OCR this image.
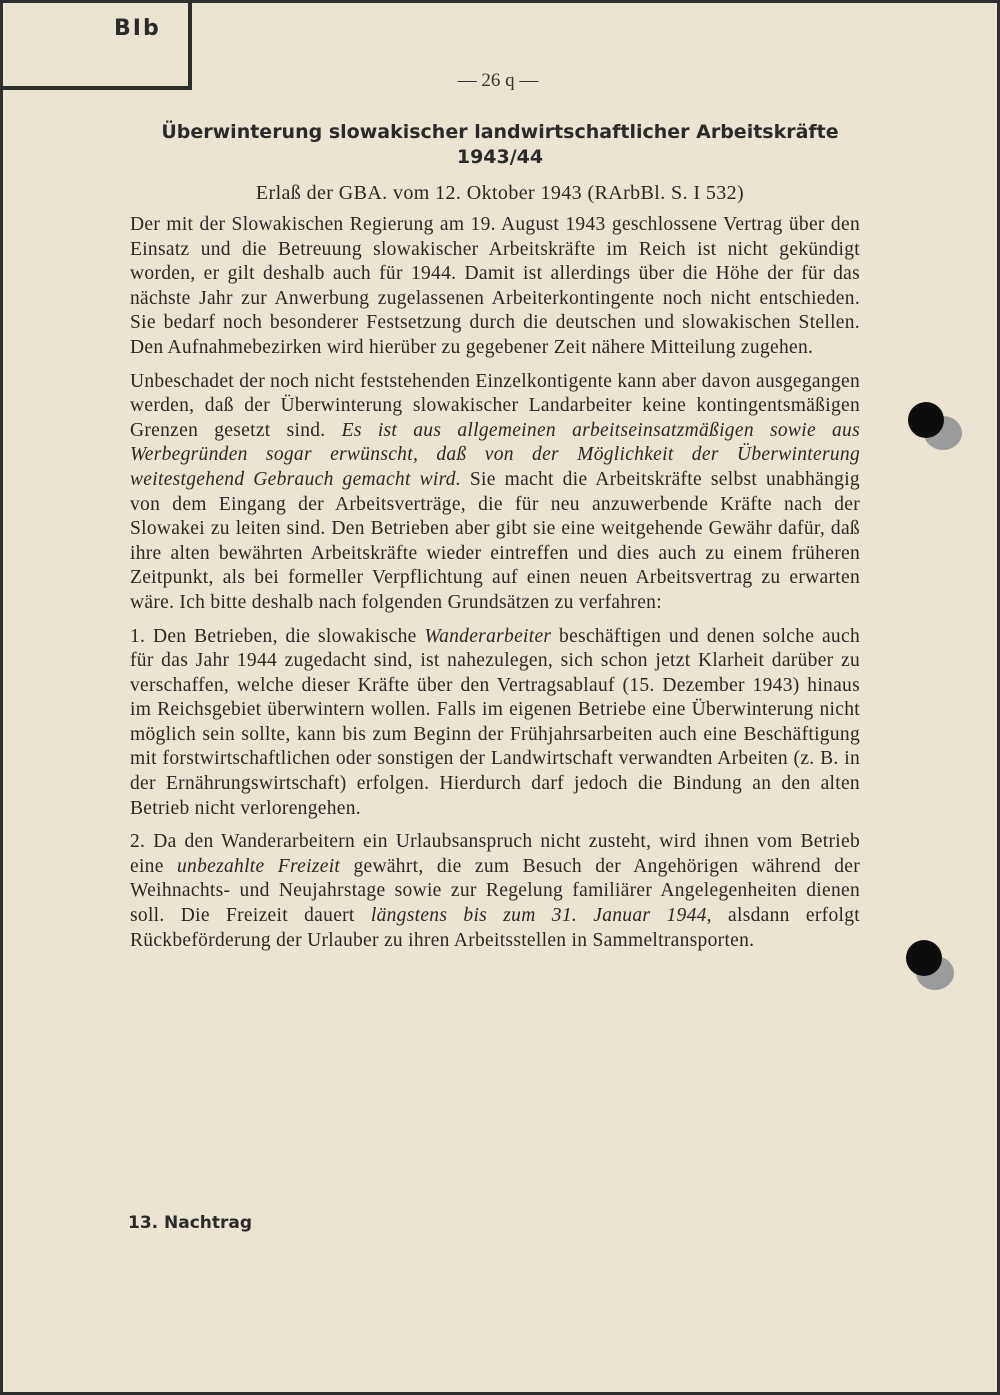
BIb
— 26 q —
Überwinterung slowakischer landwirtschaftlicher Arbeitskräfte
1943/44
Erlaß der GBA. vom 12. Oktober 1943 (RArbBl. S. I 532)

Der mit der Slowakischen Regierung am 19. August 1943 geschlossene Vertrag über den Einsatz und die Betreuung slowakischer Arbeitskräfte im Reich ist nicht gekündigt worden, er gilt deshalb auch für 1944. Damit ist allerdings über die Höhe der für das nächste Jahr zur Anwerbung zugelassenen Arbeiterkontingente noch nicht entschieden. Sie bedarf noch besonderer Festsetzung durch die deutschen und slowakischen Stellen. Den Aufnahmebezirken wird hierüber zu gegebener Zeit nähere Mitteilung zugehen.

Unbeschadet der noch nicht feststehenden Einzelkontigente kann aber davon ausgegangen werden, daß der Überwinterung slowakischer Landarbeiter keine kontingentsmäßigen Grenzen gesetzt sind. Es ist aus allgemeinen arbeitseinsatzmäßigen sowie aus Werbegründen sogar erwünscht, daß von der Möglichkeit der Überwinterung weitestgehend Gebrauch gemacht wird. Sie macht die Arbeitskräfte selbst unabhängig von dem Eingang der Arbeitsverträge, die für neu anzuwerbende Kräfte nach der Slowakei zu leiten sind. Den Betrieben aber gibt sie eine weitgehende Gewähr dafür, daß ihre alten bewährten Arbeitskräfte wieder eintreffen und dies auch zu einem früheren Zeitpunkt, als bei formeller Verpflichtung auf einen neuen Arbeitsvertrag zu erwarten wäre. Ich bitte deshalb nach folgenden Grundsätzen zu verfahren:

1. Den Betrieben, die slowakische Wanderarbeiter beschäftigen und denen solche auch für das Jahr 1944 zugedacht sind, ist nahezulegen, sich schon jetzt Klarheit darüber zu verschaffen, welche dieser Kräfte über den Vertragsablauf (15. Dezember 1943) hinaus im Reichsgebiet überwintern wollen. Falls im eigenen Betriebe eine Überwinterung nicht möglich sein sollte, kann bis zum Beginn der Frühjahrsarbeiten auch eine Beschäftigung mit forstwirtschaftlichen oder sonstigen der Landwirtschaft verwandten Arbeiten (z. B. in der Ernährungswirtschaft) erfolgen. Hierdurch darf jedoch die Bindung an den alten Betrieb nicht verlorengehen.

2. Da den Wanderarbeitern ein Urlaubsanspruch nicht zusteht, wird ihnen vom Betrieb eine unbezahlte Freizeit gewährt, die zum Besuch der Angehörigen während der Weihnachts- und Neujahrstage sowie zur Regelung familiärer Angelegenheiten dienen soll. Die Freizeit dauert längstens bis zum 31. Januar 1944, alsdann erfolgt Rückbeförderung der Urlauber zu ihren Arbeitsstellen in Sammeltransporten.

13. Nachtrag
